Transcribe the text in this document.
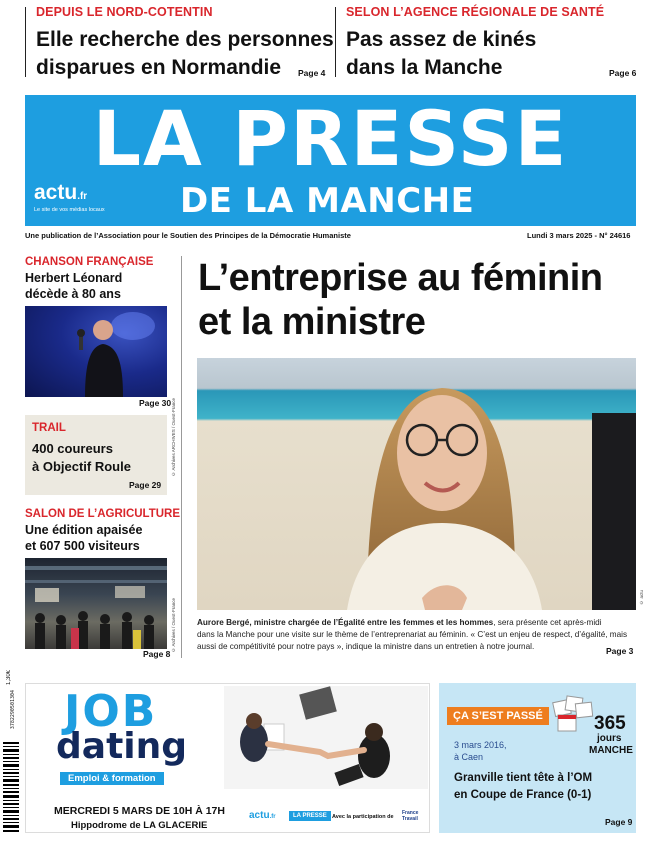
DEPUIS LE NORD-COTENTIN
Elle recherche des personnes
disparues en Normandie Page 4
SELON L’AGENCE RÉGIONALE DE SANTÉ
Pas assez de kinés
dans la Manche	Page 6
LA PRESSE
DE LA MANCHE
actu.fr
Le site de vos médias locaux
Une publication de l’Association pour le Soutien des Principes de la Démocratie Humaniste	Lundi 3 mars 2025 - N° 24616
CHANSON FRANÇAISE
Herbert Léonard
décède à 80 ans
© Archives ARCHIVES / Ouest-France
Page 30
TRAIL
400 coureurs
à Objectif Roule
Page 29
SALON DE L’AGRICULTURE
Une édition apaisée
et 607 500 visiteurs
© Archives / Ouest-France
Page 8
L’entreprise au féminin
et la ministre
© actu
Aurore Bergé, ministre chargée de l’Égalité entre les femmes et les hommes, sera présente cet après-midi
dans la Manche pour une visite sur le thème de l’entreprenariat au féminin. « C’est un enjeu de respect, d’égalité, mais
aussi de compétitivité pour notre pays », indique la ministre dans un entretien à notre journal.	Page 3
3782290501304
1,30€
JOB
dating
Emploi & formation
MERCREDI 5 MARS DE 10H À 17H
Hippodrome de LA GLACERIE
actu.fr	LA PRESSE Avec la participation de
France Travail
ÇA S’EST PASSÉ	365
jours
MANCHE
3 mars 2016,
à Caen
Granville tient tête à l’OM
en Coupe de France (0-1)
Page 9
